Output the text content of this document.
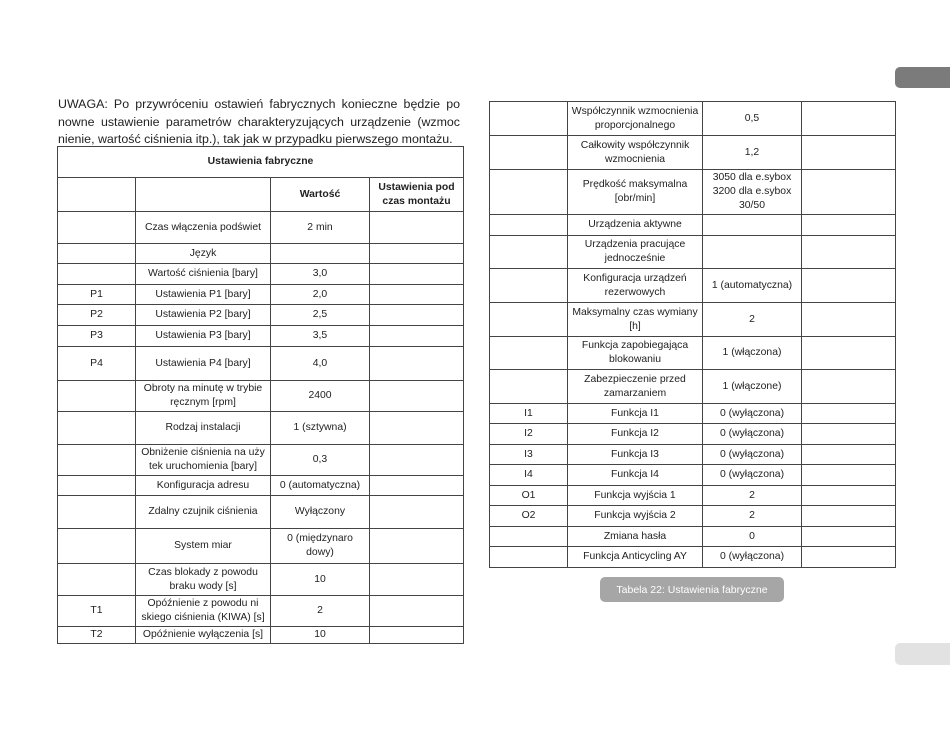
UWAGA: Po przywróceniu ostawień fabrycznych konieczne będzie po nowne ustawienie parametrów charakteryzujących urządzenie (wzmoc nienie, wartość ciśnienia itp.), tak jak w przypadku pierwszego montażu.
Ustawienia fabryczne			
		Wartość	Ustawienia pod czas montażu
	Czas włączenia podświet	2 min	
	Język		
	Wartość ciśnienia [bary]	3,0	
P1	Ustawienia P1 [bary]	2,0	
P2	Ustawienia P2 [bary]	2,5	
P3	Ustawienia P3 [bary]	3,5	
P4	Ustawienia P4 [bary]	4,0	
	Obroty na minutę w trybie ręcznym [rpm]	2400	
	Rodzaj instalacji	1 (sztywna)	
	Obniżenie ciśnienia na uży tek uruchomienia [bary]	0,3	
	Konfiguracja adresu	0 (automatyczna)	
	Zdalny czujnik ciśnienia	Wyłączony	
	System miar	0 (międzynaro dowy)	
	Czas blokady z powodu braku wody [s]	10	
T1	Opóźnienie z powodu ni skiego ciśnienia (KIWA) [s]	2	
T2	Opóźnienie wyłączenia [s]	10	
	Współczynnik wzmocnienia proporcjonalnego	0,5	
	Całkowity współczynnik wzmocnienia	1,2	
	Prędkość maksymalna [obr/min]	3050 dla e.sybox 3200 dla e.sybox 30/50	
	Urządzenia aktywne		
	Urządzenia pracujące jednocześnie		
	Konfiguracja urządzeń rezerwowych	1 (automatyczna)	
	Maksymalny czas wymiany [h]	2	
	Funkcja zapobiegająca blokowaniu	1 (włączona)	
	Zabezpieczenie przed zamarzaniem	1 (włączone)	
I1	Funkcja I1	0 (wyłączona)	
I2	Funkcja I2	0 (wyłączona)	
I3	Funkcja I3	0 (wyłączona)	
I4	Funkcja I4	0 (wyłączona)	
O1	Funkcja wyjścia 1	2	
O2	Funkcja wyjścia 2	2	
	Zmiana hasła	0	
	Funkcja Anticycling AY	0 (wyłączona)	
Tabela 22: Ustawienia fabryczne
